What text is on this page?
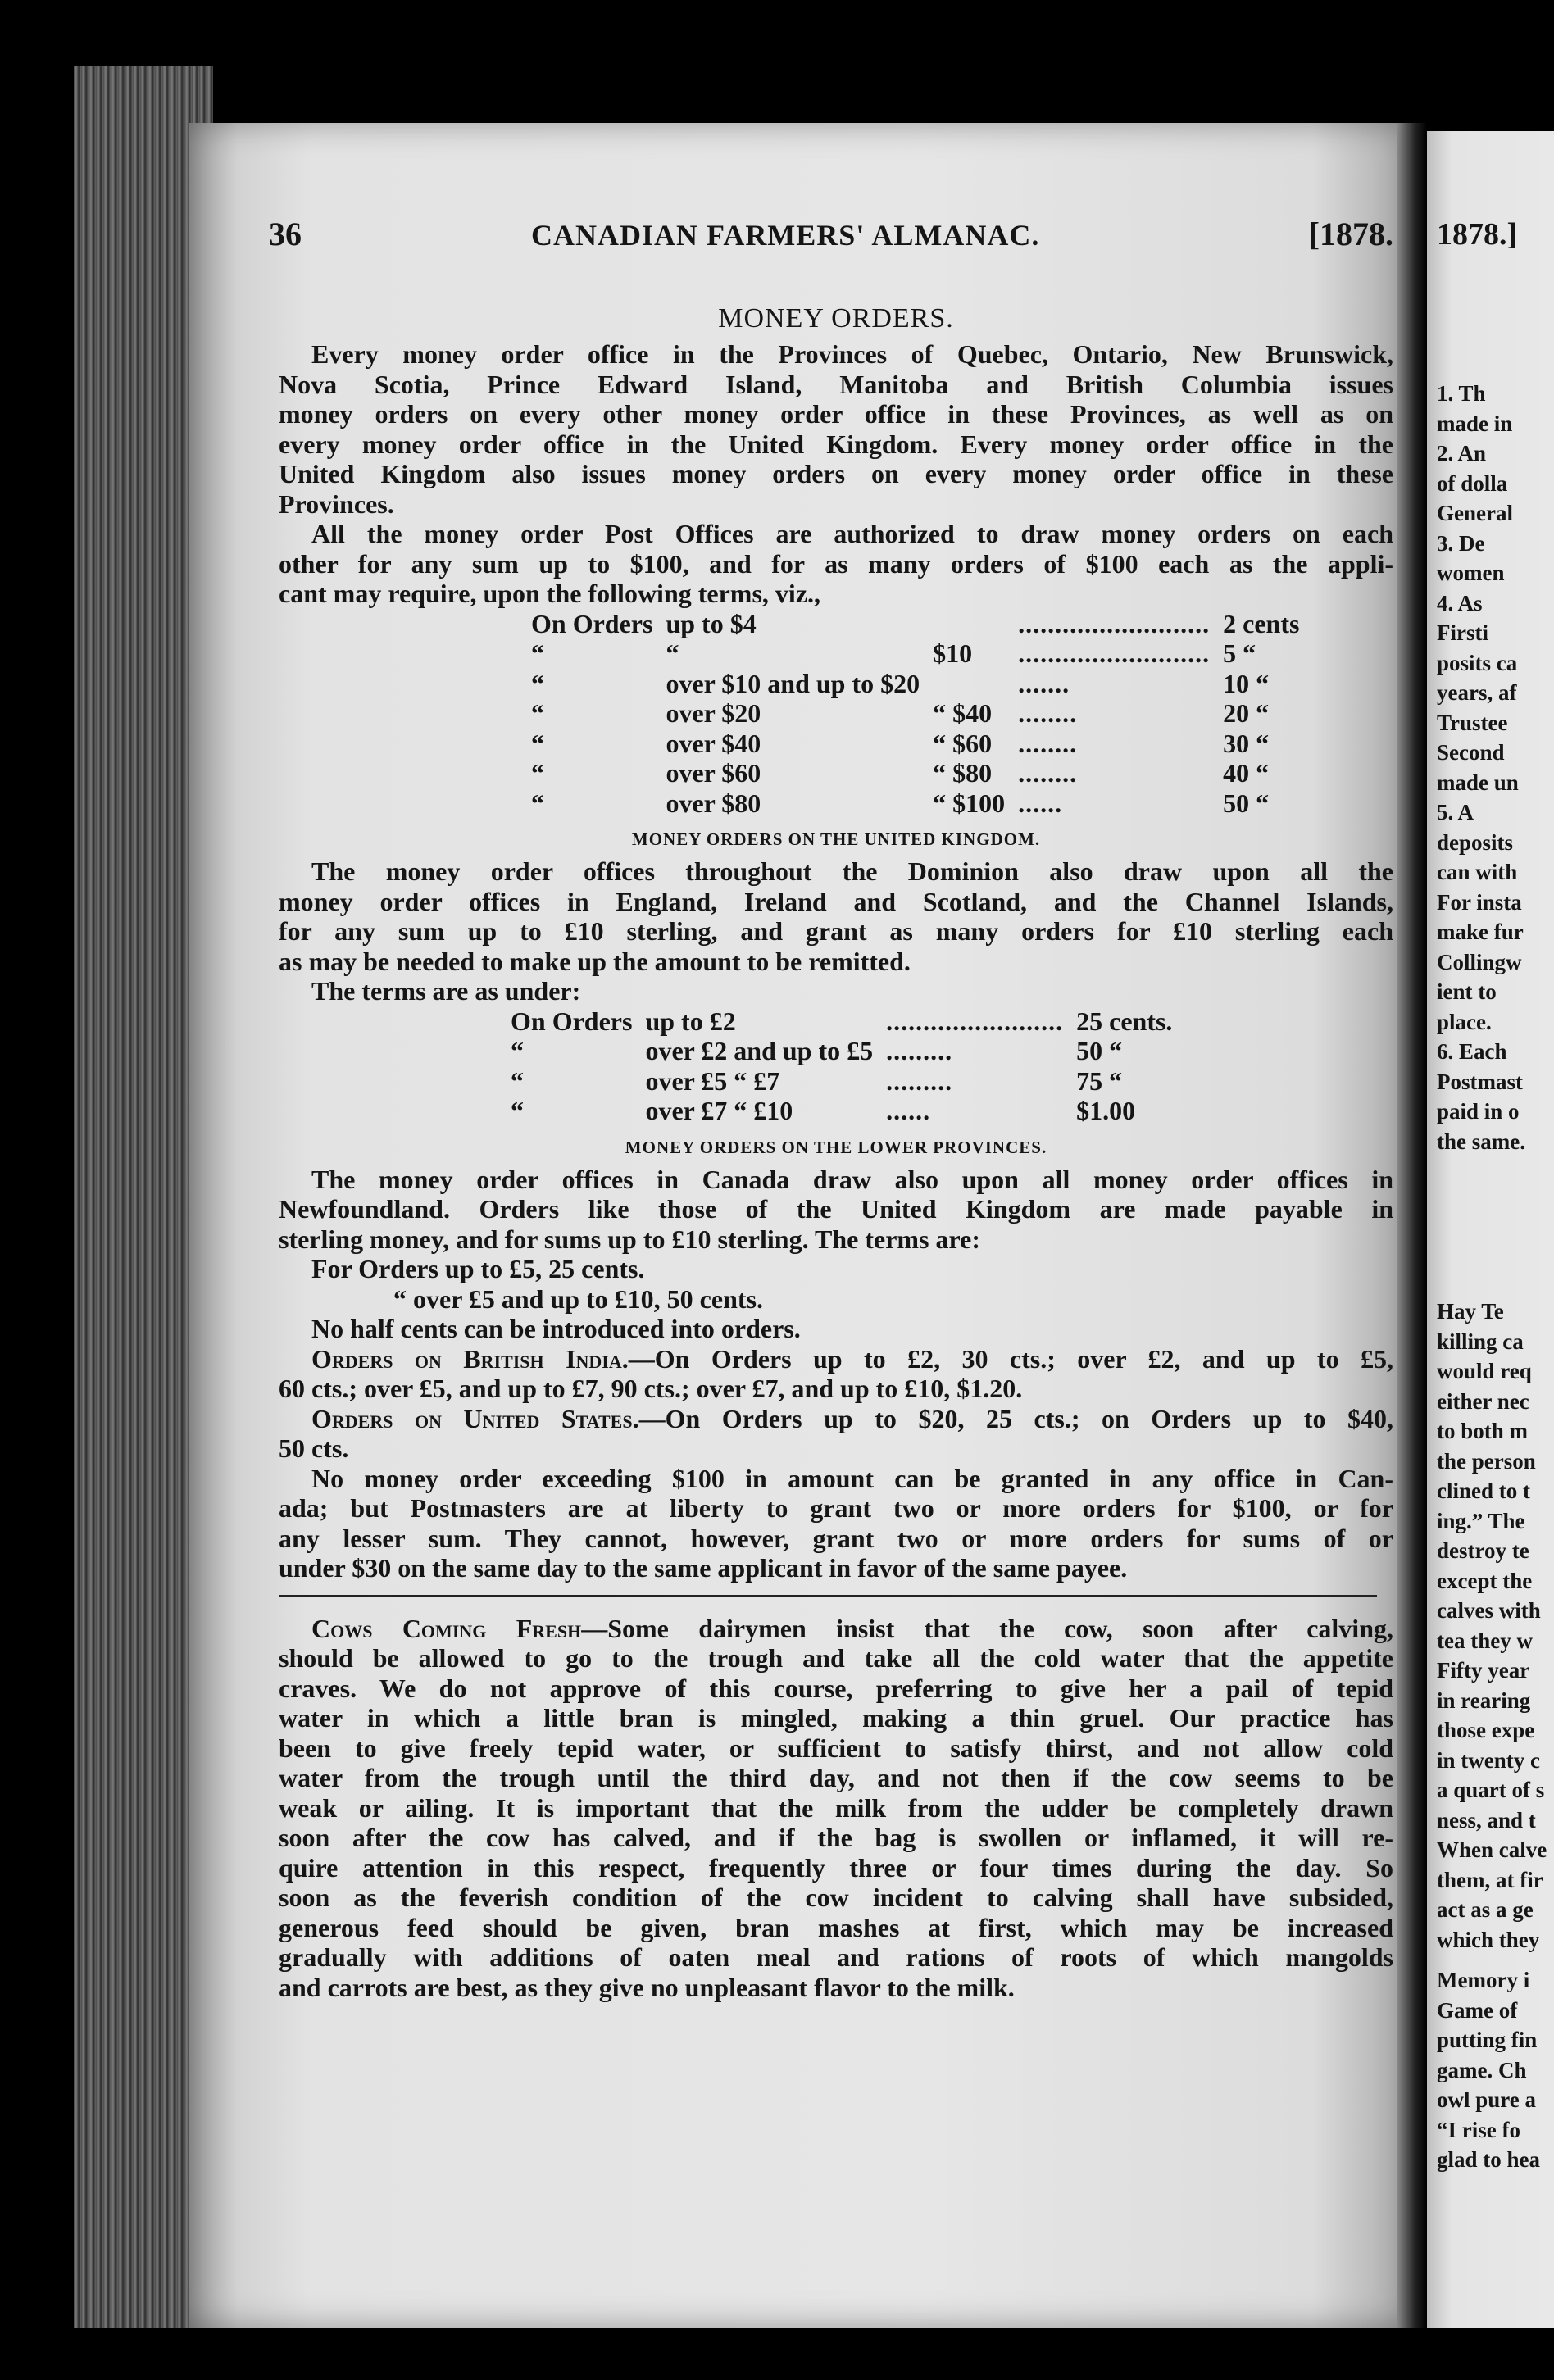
36	CANADIAN FARMERS' ALMANAC.	[1878.
MONEY ORDERS.
Every money order office in the Provinces of Quebec, Ontario, New Brunswick,
Nova Scotia, Prince Edward Island, Manitoba and British Columbia issues
money orders on every other money order office in these Provinces, as well as on
every money order office in the United Kingdom. Every money order office in the
United Kingdom also issues money orders on every money order office in these
Provinces.
All the money order Post Offices are authorized to draw money orders on each
other for any sum up to $100, and for as many orders of $100 each as the appli-
cant may require, upon the following terms, viz.,
On Orders	up to $4		..........................	2 cents
“	“	$10	..........................	5 “
“	over $10 and up to $20		.......	10 “
“	over $20	“ $40	........	20 “
“	over $40	“ $60	........	30 “
“	over $60	“ $80	........	40 “
“	over $80	“ $100	......	50 “
MONEY ORDERS ON THE UNITED KINGDOM.
The money order offices throughout the Dominion also draw upon all the
money order offices in England, Ireland and Scotland, and the Channel Islands,
for any sum up to £10 sterling, and grant as many orders for £10 sterling each
as may be needed to make up the amount to be remitted.
The terms are as under:
On Orders	up to £2	........................	25 cents.
“	over £2 and up to £5	.........	50 “
“	over £5 “ £7	.........	75 “
“	over £7 “ £10	......	$1.00
MONEY ORDERS ON THE LOWER PROVINCES.
The money order offices in Canada draw also upon all money order offices in
Newfoundland. Orders like those of the United Kingdom are made payable in
sterling money, and for sums up to £10 sterling. The terms are:
For Orders up to £5, 25 cents.
“ over £5 and up to £10, 50 cents.
No half cents can be introduced into orders.
Orders on British India.—On Orders up to £2, 30 cts.; over £2, and up to £5,
60 cts.; over £5, and up to £7, 90 cts.; over £7, and up to £10, $1.20.
Orders on United States.—On Orders up to $20, 25 cts.; on Orders up to $40,
50 cts.
No money order exceeding $100 in amount can be granted in any office in Can-
ada; but Postmasters are at liberty to grant two or more orders for $100, or for
any lesser sum. They cannot, however, grant two or more orders for sums of or
under $30 on the same day to the same applicant in favor of the same payee.
Cows Coming Fresh—Some dairymen insist that the cow, soon after calving,
should be allowed to go to the trough and take all the cold water that the appetite
craves. We do not approve of this course, preferring to give her a pail of tepid
water in which a little bran is mingled, making a thin gruel. Our practice has
been to give freely tepid water, or sufficient to satisfy thirst, and not allow cold
water from the trough until the third day, and not then if the cow seems to be
weak or ailing. It is important that the milk from the udder be completely drawn
soon after the cow has calved, and if the bag is swollen or inflamed, it will re-
quire attention in this respect, frequently three or four times during the day. So
soon as the feverish condition of the cow incident to calving shall have subsided,
generous feed should be given, bran mashes at first, which may be increased
gradually with additions of oaten meal and rations of roots of which mangolds
and carrots are best, as they give no unpleasant flavor to the milk.
1878.]
1. Th
made in
2. An
of dolla
General
3. De
women
4. As
Firsti
posits ca
years, af
Trustee
Second
made un
5. A
deposits
can with
For insta
make fur
Collingw
ient to
place.
6. Each
Postmast
paid in o
the same.
Hay Te
killing ca
would req
either nec
to both m
the person
clined to t
ing.” The
destroy te
except the
calves with
tea they w
Fifty year
in rearing
those expe
in twenty c
a quart of s
ness, and t
When calve
them, at fir
act as a ge
which they
Memory i
Game of
putting fin
game. Ch
owl pure a
“I rise fo
glad to hea
